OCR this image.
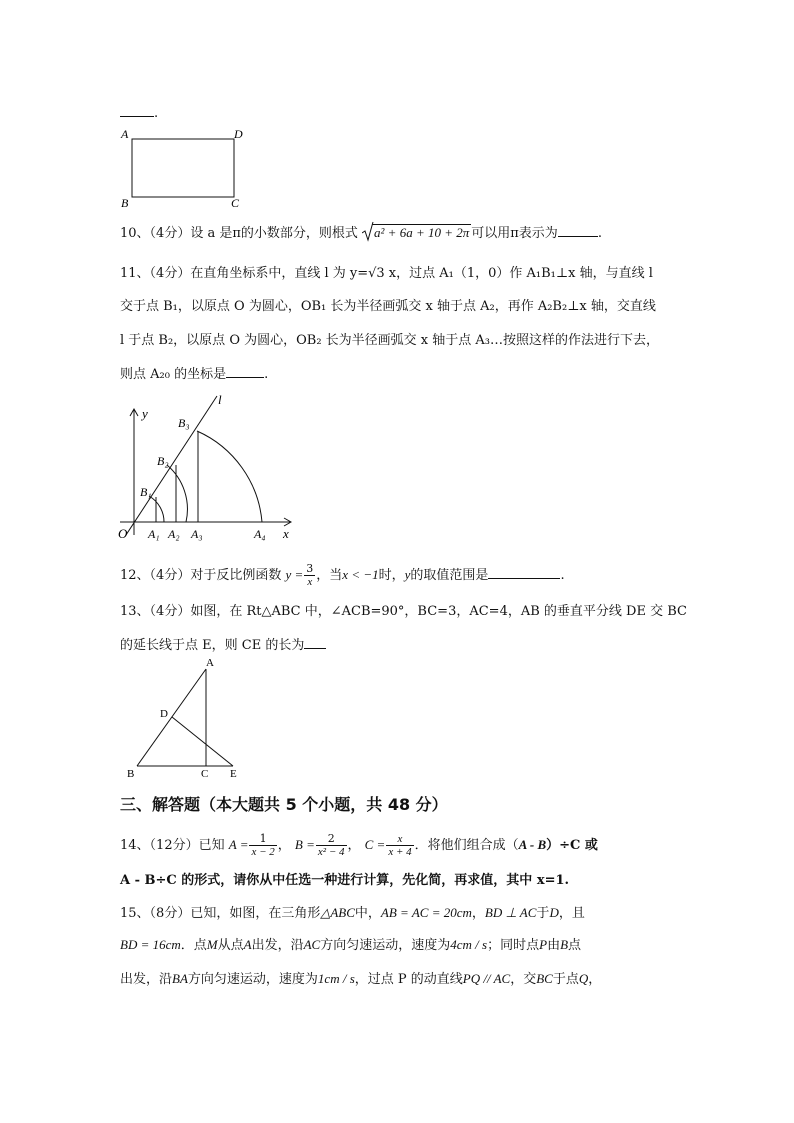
.
A	D
B	C
10、（4分）设 a 是π的小数部分，则根式 a² + 6a + 10 + 2π 可以用π表示为	.
11、（4分）在直角坐标系中，直线 l 为 y=√3 x，过点 A₁（1，0）作 A₁B₁⊥x 轴，与直线 l
交于点 B₁，以原点 O 为圆心，OB₁ 长为半径画弧交 x 轴于点 A₂，再作 A₂B₂⊥x 轴，交直线
l 于点 B₂，以原点 O 为圆心，OB₂ 长为半径画弧交 x 轴于点 A₃…按照这样的作法进行下去，
则点 A₂₀ 的坐标是	.
y
x
l
O
B₁
B₂
B₃
A₁ A₂ A₃	A₄
12、（4分）对于反比例函数 $y = \frac{3}{x}$ ，当x < −1时，y的取值范围是	.
13、（4分）如图，在 Rt△ABC 中，∠ACB=90°，BC=3，AC=4，AB 的垂直平分线 DE 交 BC
的延长线于点 E，则 CE 的长为
A
D
B	C E
三、解答题（本大题共 5 个小题，共 48 分）
14、（12分）已知 $A = \frac{1}{x - 2}$ ， $B = \frac{2}{\text{x² − 4}}$ ， $C = \frac{x}{x + 4}$ ．将他们组合成（A - B）÷C 或
A - B÷C 的形式，请你从中任选一种进行计算，先化简，再求值，其中 x=1.
15、（8分）已知，如图，在三角形△ABC中，AB = AC = 20cm，BD ⊥ AC于D，且
BD = 16cm．点M从点A出发，沿AC方向匀速运动，速度为4cm / s；同时点P由B点
出发，沿BA方向匀速运动，速度为1cm / s，过点 P 的动直线PQ // AC，交BC于点Q，
